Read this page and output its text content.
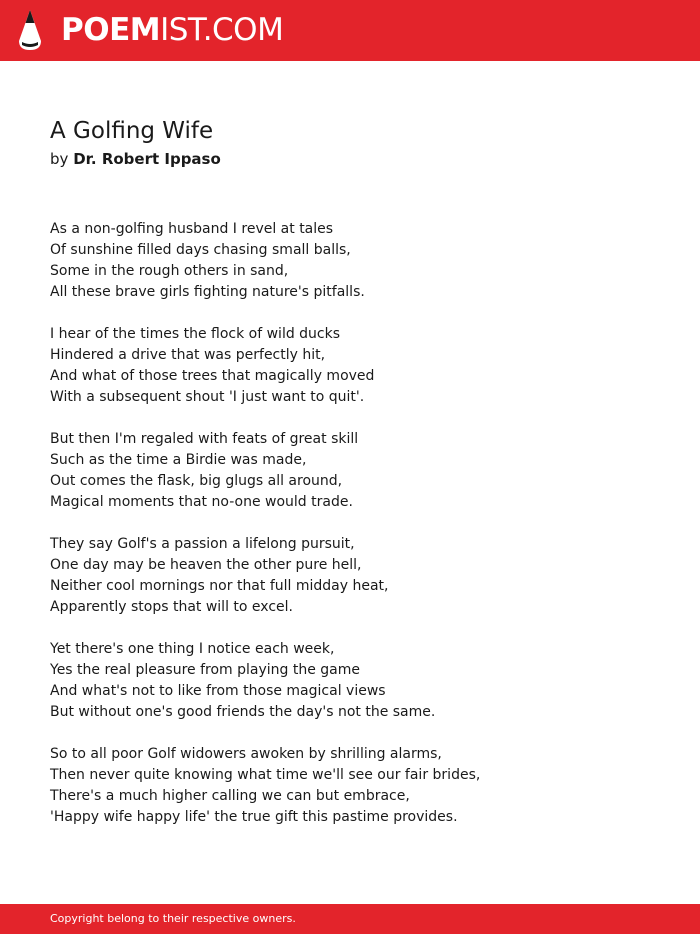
POEMIST.COM
A Golfing Wife
by Dr. Robert Ippaso
As a non-golfing husband I revel at tales
Of sunshine filled days chasing small balls,
Some in the rough others in sand,
All these brave girls fighting nature's pitfalls.
I hear of the times the flock of wild ducks
Hindered a drive that was perfectly hit,
And what of those trees that magically moved
With a subsequent shout 'I just want to quit'.
But then I'm regaled with feats of great skill
Such as the time a Birdie was made,
Out comes the flask, big glugs all around,
Magical moments that no-one would trade.
They say Golf's a passion a lifelong pursuit,
One day may be heaven the other pure hell,
Neither cool mornings nor that full midday heat,
Apparently stops that will to excel.
Yet there's one thing I notice each week,
Yes the real pleasure from playing the game
And what's not to like from those magical views
But without one's good friends the day's not the same.
So to all poor Golf widowers awoken by shrilling alarms,
Then never quite knowing what time we'll see our fair brides,
There's a much higher calling we can but embrace,
'Happy wife happy life' the true gift this pastime provides.
Copyright belong to their respective owners.
